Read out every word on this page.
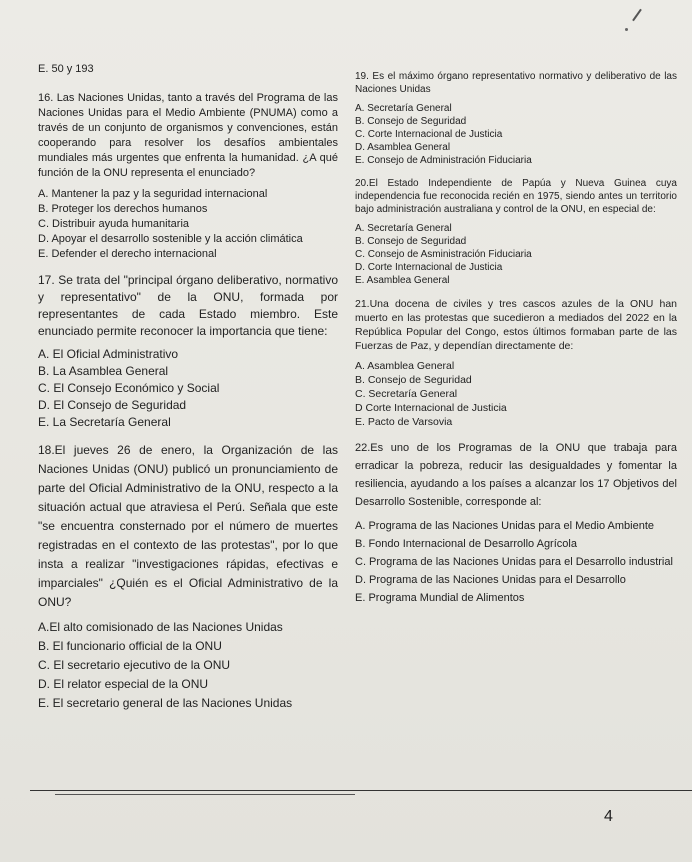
E. 50 y 193

16. Las Naciones Unidas, tanto a través del Programa de las Naciones Unidas para el Medio Ambiente (PNUMA) como a través de un conjunto de organismos y convenciones, están cooperando para resolver los desafíos ambientales mundiales más urgentes que enfrenta la humanidad. ¿A qué función de la ONU representa el enunciado?

A. Mantener la paz y la seguridad internacional
B. Proteger los derechos humanos
C. Distribuir ayuda humanitaria
D. Apoyar el desarrollo sostenible y la acción climática
E. Defender el derecho internacional

17. Se trata del "principal órgano deliberativo, normativo y representativo" de la ONU, formada por representantes de cada Estado miembro. Este enunciado permite reconocer la importancia que tiene:

A. El Oficial Administrativo
B. La Asamblea General
C. El Consejo Económico y Social
D. El Consejo de Seguridad
E. La Secretaría General

18.El jueves 26 de enero, la Organización de las Naciones Unidas (ONU) publicó un pronunciamiento de parte del Oficial Administrativo de la ONU, respecto a la situación actual que atraviesa el Perú. Señala que este "se encuentra consternado por el número de muertes registradas en el contexto de las protestas", por lo que insta a realizar "investigaciones rápidas, efectivas e imparciales" ¿Quién es el Oficial Administrativo de la ONU?

A.El alto comisionado de las Naciones Unidas
B. El funcionario official de la ONU
C. El secretario ejecutivo de la ONU
D. El relator especial de la ONU
E. El secretario general de las Naciones Unidas

19. Es el máximo órgano representativo normativo y deliberativo de las Naciones Unidas

A. Secretaría General
B. Consejo de Seguridad
C. Corte Internacional de Justicia
D. Asamblea General
E. Consejo de Administración Fiduciaria

20.El Estado Independiente de Papúa y Nueva Guinea cuya independencia fue reconocida recién en 1975, siendo antes un territorio bajo administración australiana y control de la ONU, en especial de:

A. Secretaría General
B. Consejo de Seguridad
C. Consejo de Asministración Fiduciaria
D. Corte Internacional de Justicia
E. Asamblea General

21.Una docena de civiles y tres cascos azules de la ONU han muerto en las protestas que sucedieron a mediados del 2022 en la República Popular del Congo, estos últimos formaban parte de las Fuerzas de Paz, y dependían directamente de:

A. Asamblea General
B. Consejo de Seguridad
C. Secretaría General
D Corte Internacional de Justicia
E. Pacto de Varsovia

22.Es uno de los Programas de la ONU que trabaja para erradicar la pobreza, reducir las desigualdades y fomentar la resiliencia, ayudando a los países a alcanzar los 17 Objetivos del Desarrollo Sostenible, corresponde al:

A. Programa de las Naciones Unidas para el Medio Ambiente
B. Fondo Internacional de Desarrollo Agrícola
C. Programa de las Naciones Unidas para el Desarrollo industrial
D. Programa de las Naciones Unidas para el Desarrollo
E. Programa Mundial de Alimentos
4
